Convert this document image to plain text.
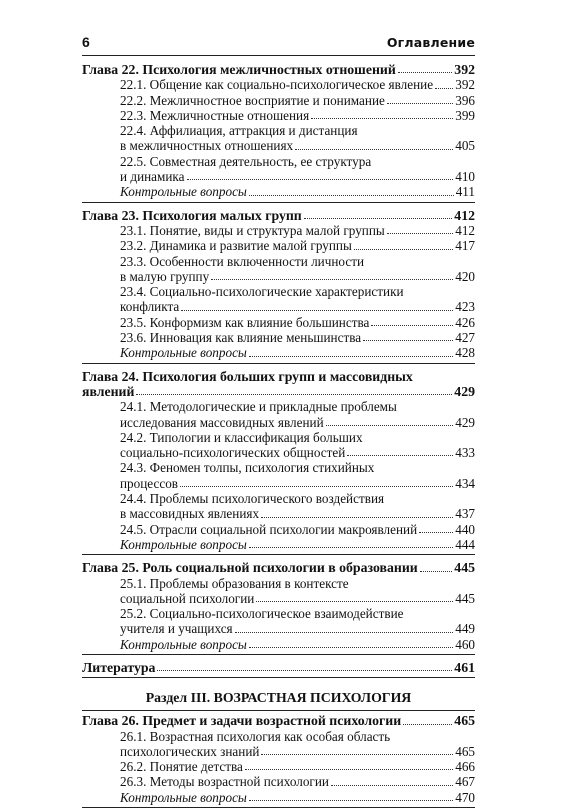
6	Оглавление
Глава 22. Психология межличностных отношений	392
22.1. Общение как социально-психологическое явление 392
22.2. Межличностное восприятие и понимание	396
22.3. Межличностные отношения	399
22.4. Аффилиация, аттракция и дистанция
в межличностных отношениях	405
22.5. Совместная деятельность, ее структура
и динамика	410
Контрольные вопросы	411
Глава 23. Психология малых групп	412
23.1. Понятие, виды и структура малой группы	412
23.2. Динамика и развитие малой группы	417
23.3. Особенности включенности личности
в малую группу	420
23.4. Социально-психологические характеристики
конфликта	423
23.5. Конформизм как влияние большинства	426
23.6. Инновация как влияние меньшинства	427
Контрольные вопросы	428
Глава 24. Психология больших групп и массовидных
явлений	429
24.1. Методологические и прикладные проблемы
исследования массовидных явлений	429
24.2. Типологии и классификация больших
социально-психологических общностей	433
24.3. Феномен толпы, психология стихийных
процессов	434
24.4. Проблемы психологического воздействия
в массовидных явлениях	437
24.5. Отрасли социальной психологии макроявлений	440
Контрольные вопросы	444
Глава 25. Роль социальной психологии в образовании	445
25.1. Проблемы образования в контексте
социальной психологии	445
25.2. Социально-психологическое взаимодействие
учителя и учащихся	449
Контрольные вопросы	460
Литература	461
Раздел III. ВОЗРАСТНАЯ ПСИХОЛОГИЯ
Глава 26. Предмет и задачи возрастной психологии	465
26.1. Возрастная психология как особая область
психологических знаний	465
26.2. Понятие детства	466
26.3. Методы возрастной психологии	467
Контрольные вопросы	470
